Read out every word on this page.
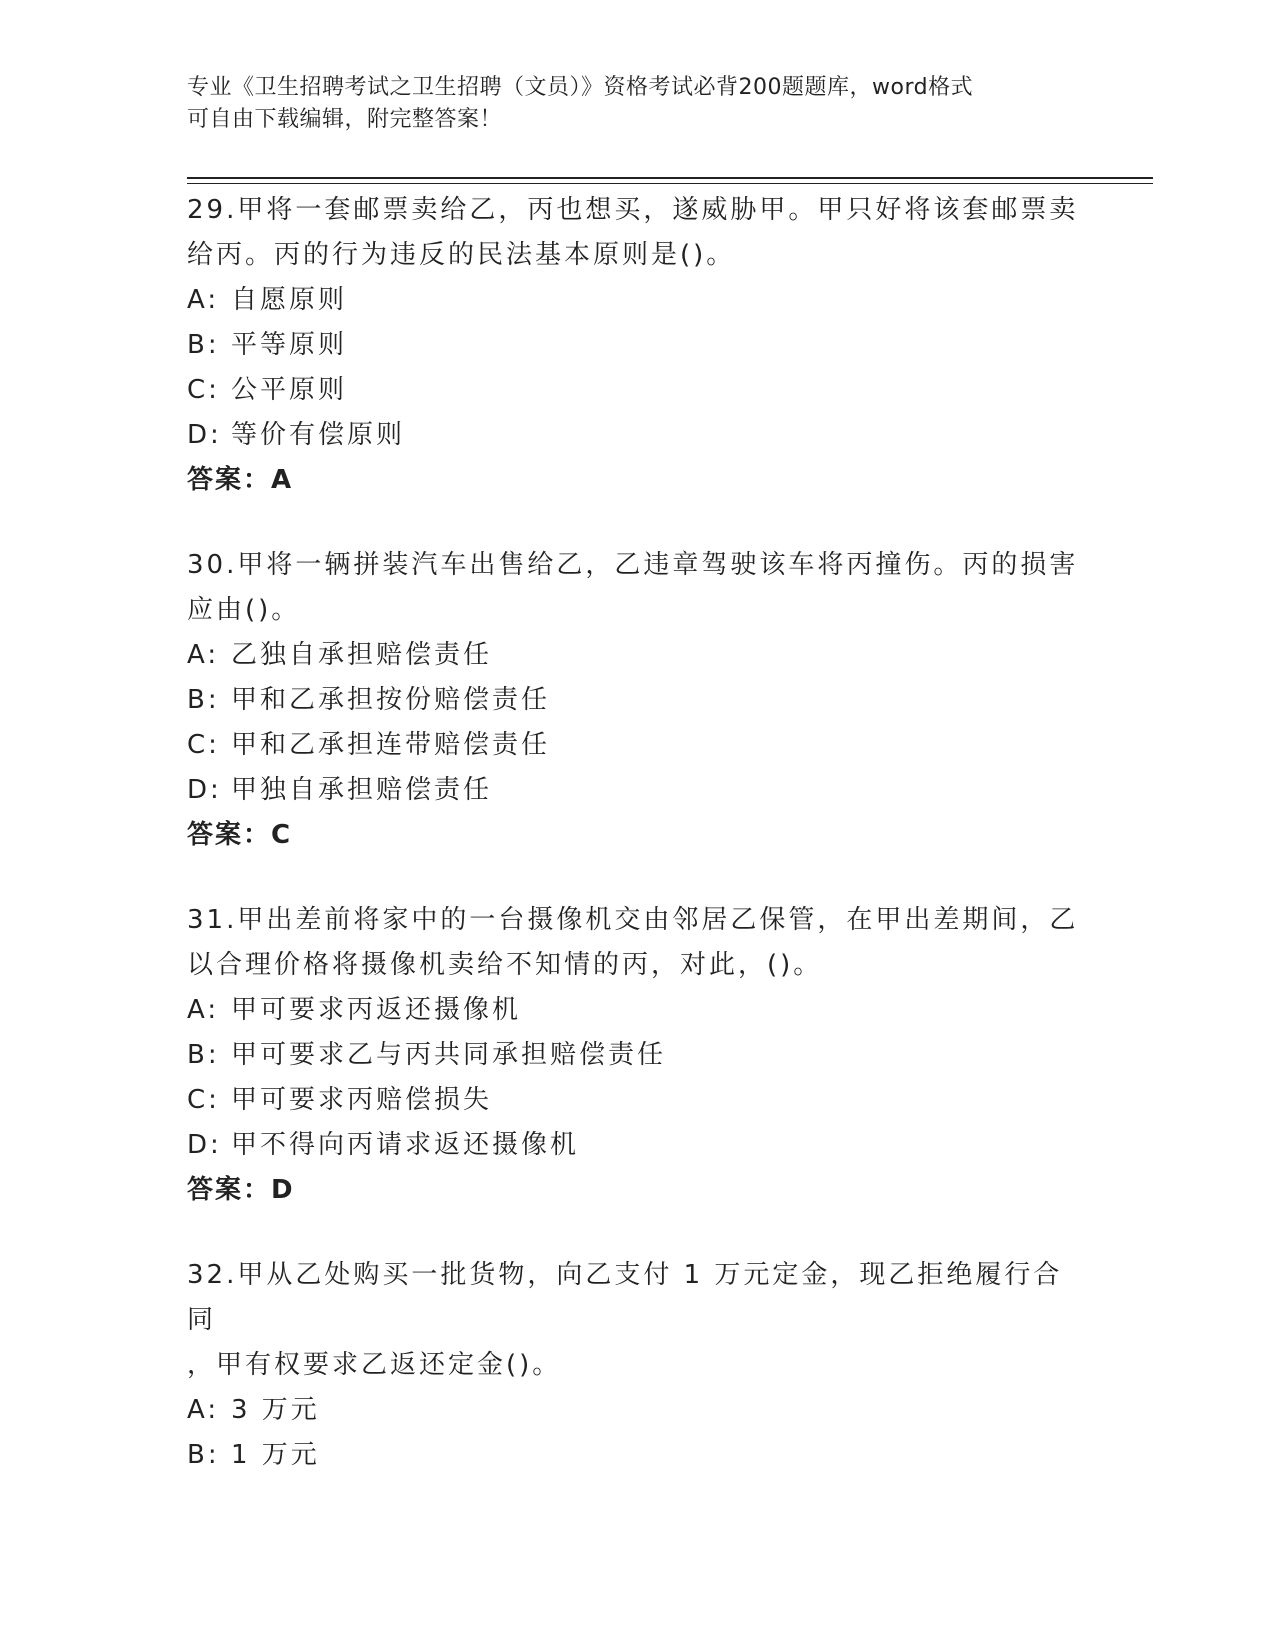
专业《卫生招聘考试之卫生招聘（文员）》资格考试必背200题题库，word格式
可自由下载编辑，附完整答案！

29.甲将一套邮票卖给乙，丙也想买，遂威胁甲。甲只好将该套邮票卖
给丙。丙的行为违反的民法基本原则是()。

A: 自愿原则

B: 平等原则

C: 公平原则

D: 等价有偿原则

答案：A

30.甲将一辆拼装汽车出售给乙，乙违章驾驶该车将丙撞伤。丙的损害
应由()。

A: 乙独自承担赔偿责任

B: 甲和乙承担按份赔偿责任

C: 甲和乙承担连带赔偿责任

D: 甲独自承担赔偿责任

答案：C

31.甲出差前将家中的一台摄像机交由邻居乙保管，在甲出差期间，乙
以合理价格将摄像机卖给不知情的丙，对此，()。

A: 甲可要求丙返还摄像机

B: 甲可要求乙与丙共同承担赔偿责任

C: 甲可要求丙赔偿损失

D: 甲不得向丙请求返还摄像机

答案：D

32.甲从乙处购买一批货物，向乙支付 1 万元定金，现乙拒绝履行合同
，甲有权要求乙返还定金()。

A: 3 万元

B: 1 万元
